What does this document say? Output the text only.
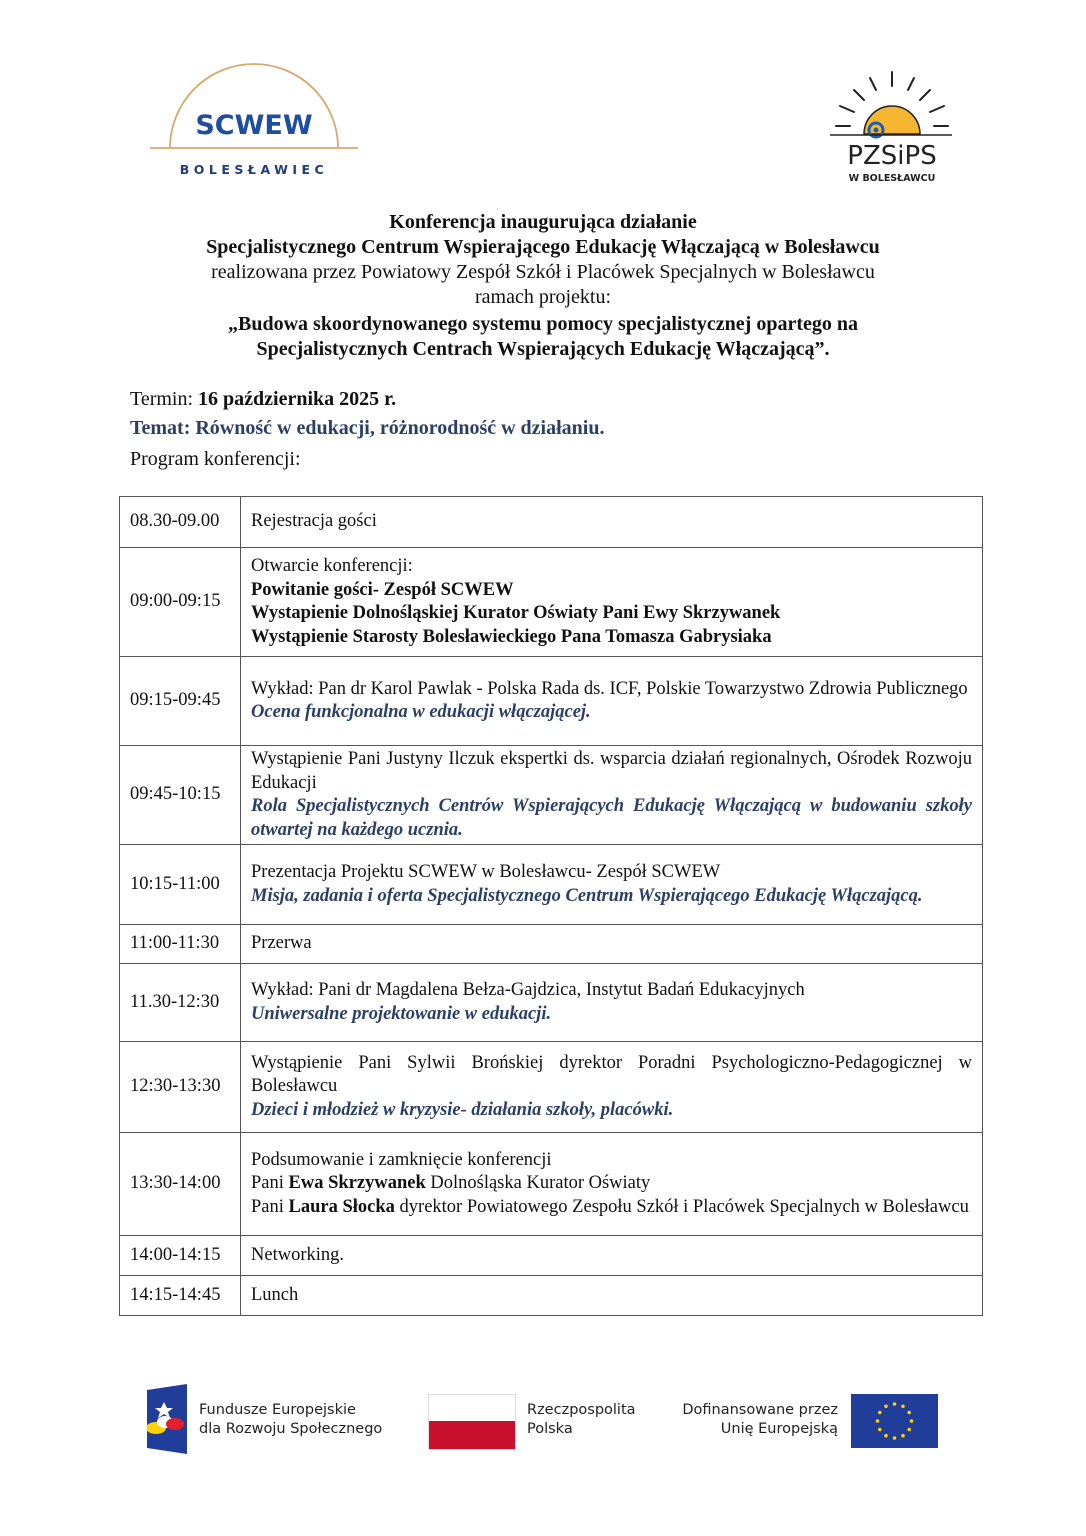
SCWEW
BOLESŁAWIEC	PZSiPS
W BOLESŁAWCU
Konferencja inaugurująca działanie
Specjalistycznego Centrum Wspierającego Edukację Włączającą w Bolesławcu
realizowana przez Powiatowy Zespół Szkół i Placówek Specjalnych w Bolesławcu
ramach projektu:
„Budowa skoordynowanego systemu pomocy specjalistycznej opartego na
Specjalistycznych Centrach Wspierających Edukację Włączającą”.
Termin: 16 października 2025 r.
Temat: Równość w edukacji, różnorodność w działaniu.
Program konferencji:
08.30-09.00	Rejestracja gości

09:00-09:15	Otwarcie konferencji:
Powitanie gości- Zespół SCWEW
Wystapienie Dolnośląskiej Kurator Oświaty Pani Ewy Skrzywanek
Wystąpienie Starosty Bolesławieckiego Pana Tomasza Gabrysiaka

09:15-09:45	Wykład: Pan dr Karol Pawlak - Polska Rada ds. ICF, Polskie Towarzystwo Zdrowia Publicznego
Ocena funkcjonalna w edukacji włączającej.

09:45-10:15	Wystąpienie Pani Justyny Ilczuk ekspertki ds. wsparcia działań regionalnych, Ośrodek Rozwoju Edukacji
Rola Specjalistycznych Centrów Wspierających Edukację Włączającą w budowaniu szkoły otwartej na każdego ucznia.

10:15-11:00	Prezentacja Projektu SCWEW w Bolesławcu- Zespół SCWEW
Misja, zadania i oferta Specjalistycznego Centrum Wspierającego Edukację Włączającą.

11:00-11:30	Przerwa

11.30-12:30	Wykład: Pani dr Magdalena Bełza-Gajdzica, Instytut Badań Edukacyjnych
Uniwersalne projektowanie w edukacji.

12:30-13:30	Wystąpienie Pani Sylwii Brońskiej dyrektor Poradni Psychologiczno-Pedagogicznej w Bolesławcu
Dzieci i młodzież w kryzysie- działania szkoły, placówki.

13:30-14:00	Podsumowanie i zamknięcie konferencji
Pani Ewa Skrzywanek Dolnośląska Kurator Oświaty
Pani Laura Słocka dyrektor Powiatowego Zespołu Szkół i Placówek Specjalnych w Bolesławcu

14:00-14:15	Networking.

14:15-14:45	Lunch
Fundusze Europejskie
dla Rozwoju Społecznego
Rzeczpospolita
Polska
Dofinansowane przez
Unię Europejską
